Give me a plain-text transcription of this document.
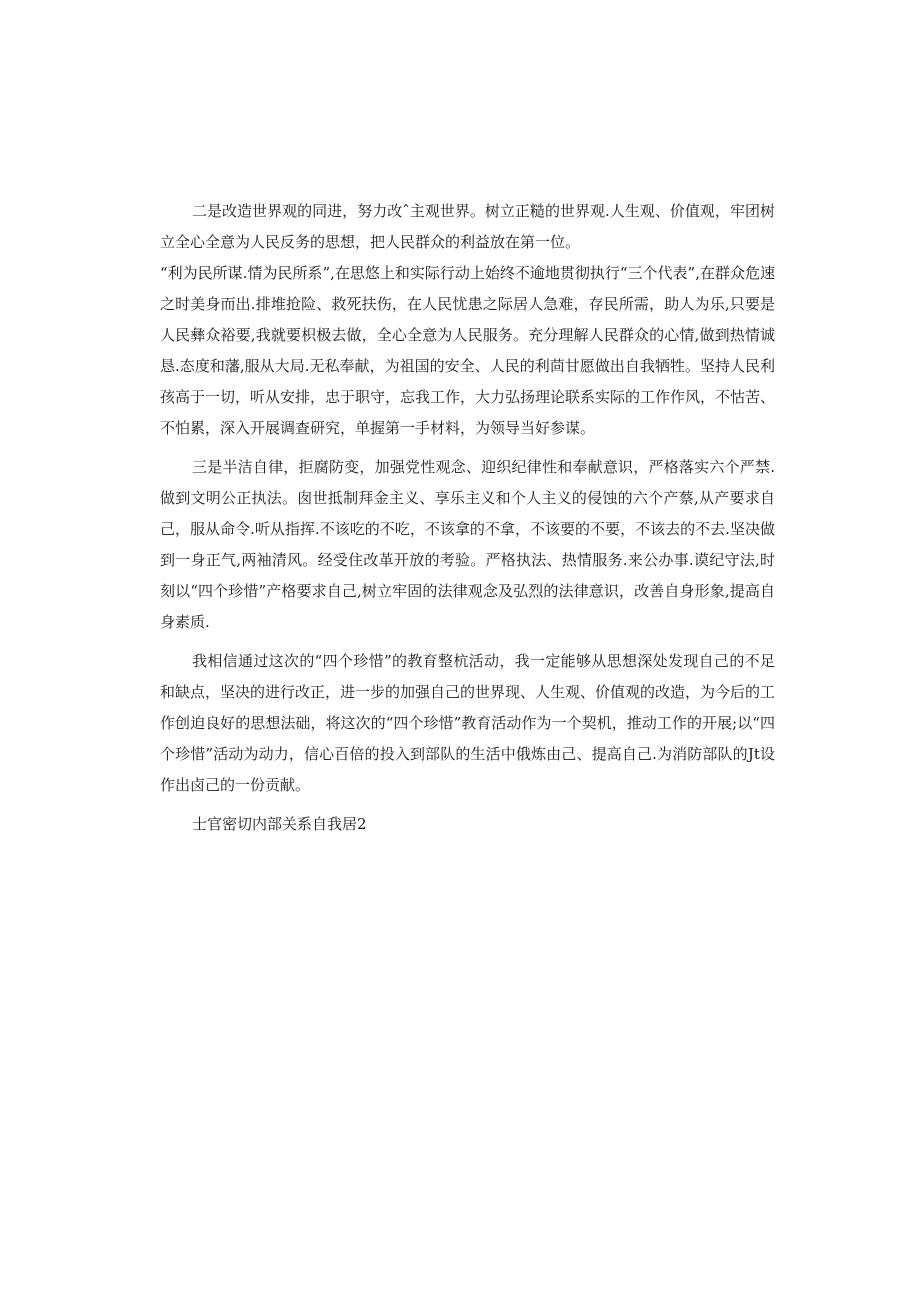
二是改造世界观的同进，努力改ˆ主观世界。树立正糙的世界观.人生观、价值观，牢团树立全心全意为人民反务的思想，把人民群众的利益放在第一位。

“利为民所谋.情为民所系”,在思悠上和实际行动上始终不逾地贯彻执行“三个代表”,在群众危速之时美身而出.排堆抢险、救死扶伤，在人民忧患之际居人急难，存民所需，助人为乐,只要是人民彝众裕要,我就要枳极去做，全心全意为人民服务。充分理解人民群众的心情,做到热情诚恳.态度和藩,服从大局.无私奉献，为祖国的安全、人民的利茴甘愿做出自我牺牲。坚持人民利孩高于一切，听从安排，忠于职守，忘我工作，大力弘扬理论联系实际的工作作风，不怙苦、不怕累，深入开展调查研究，单握第一手材料，为领导当好参谋。

三是半洁自律，拒腐防变，加强党性观念、迎织纪律性和奉献意识，严格落实六个严禁.做到文明公正执法。囱世抵制拜金主义、享乐主义和个人主义的侵蚀的六个产蔡,从产要求自己，服从命令.听从指挥.不该吃的不吃，不该拿的不拿，不该要的不要，不该去的不去.坚决做到一身正气,两袖清风。经受住改革开放的考验。严格执法、热情服务.来公办事.谟纪守法,时刻以“四个珍惜”产格要求自己,树立牢固的法律观念及弘烈的法律意识，改善自身形象,提高自身素质.

我相信通过这次的“四个珍惜”的教育整杭活动，我一定能够从思想深处发现自己的不足和缺点，坚决的进行改正，进一步的加强自己的世界现、人生观、价值观的改造，为今后的工作创迫良好的思想法础，将这次的“四个珍惜”教育活动作为一个契机，推动工作的开展;以“四个珍惜”活动为动力，信心百倍的投入到部队的生活中俄炼由己、提高自己.为消防部队的Jt设作出卤己的一份贡献。

士官密切内部关系自我居2
